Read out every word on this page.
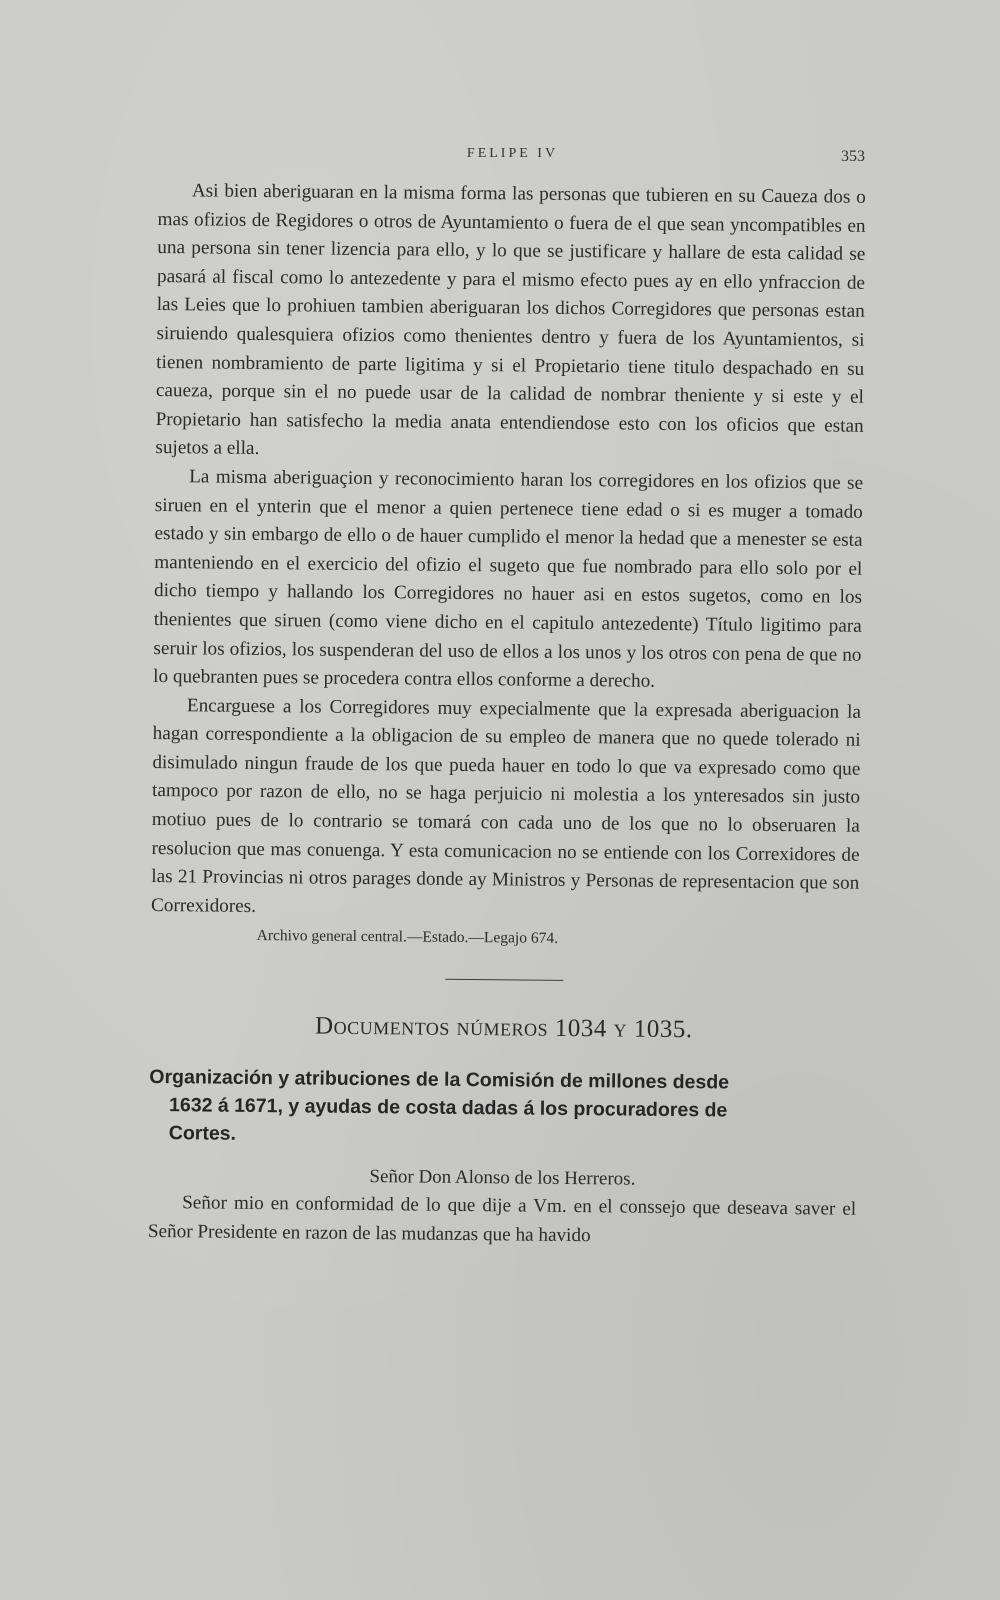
FELIPE IV	353

Asi bien aberiguaran en la misma forma las personas que tubieren en su Caueza dos o mas ofizios de Regidores o otros de Ayuntamiento o fuera de el que sean yncompatibles en una persona sin tener lizencia para ello, y lo que se justificare y hallare de esta calidad se pasará al fiscal como lo antezedente y para el mismo efecto pues ay en ello ynfraccion de las Leies que lo prohiuen tambien aberiguaran los dichos Corregidores que personas estan siruiendo qualesquiera ofizios como thenientes dentro y fuera de los Ayuntamientos, si tienen nombramiento de parte ligitima y si el Propietario tiene titulo despachado en su caueza, porque sin el no puede usar de la calidad de nombrar theniente y si este y el Propietario han satisfecho la media anata entendiendose esto con los oficios que estan sujetos a ella.

La misma aberiguaçion y reconocimiento haran los corregidores en los ofizios que se siruen en el ynterin que el menor a quien pertenece tiene edad o si es muger a tomado estado y sin embargo de ello o de hauer cumplido el menor la hedad que a menester se esta manteniendo en el exercicio del ofizio el sugeto que fue nombrado para ello solo por el dicho tiempo y hallando los Corregidores no hauer asi en estos sugetos, como en los thenientes que siruen (como viene dicho en el capitulo antezedente) Título ligitimo para seruir los ofizios, los suspenderan del uso de ellos a los unos y los otros con pena de que no lo quebranten pues se procedera contra ellos conforme a derecho.

Encarguese a los Corregidores muy expecialmente que la expresada aberiguacion la hagan correspondiente a la obligacion de su empleo de manera que no quede tolerado ni disimulado ningun fraude de los que pueda hauer en todo lo que va expresado como que tampoco por razon de ello, no se haga perjuicio ni molestia a los ynteresados sin justo motiuo pues de lo contrario se tomará con cada uno de los que no lo obseruaren la resolucion que mas conuenga. Y esta comunicacion no se entiende con los Correxidores de las 21 Provincias ni otros parages donde ay Ministros y Personas de representacion que son Correxidores.

Archivo general central.—Estado.—Legajo 674.
Documentos números 1034 y 1035.
Organización y atribuciones de la Comisión de millones desde
1632 á 1671, y ayudas de costa dadas á los procuradores de
Cortes.
Señor Don Alonso de los Herreros.

Señor mio en conformidad de lo que dije a Vm. en el conssejo que deseava saver el Señor Presidente en razon de las mudanzas que ha havido
